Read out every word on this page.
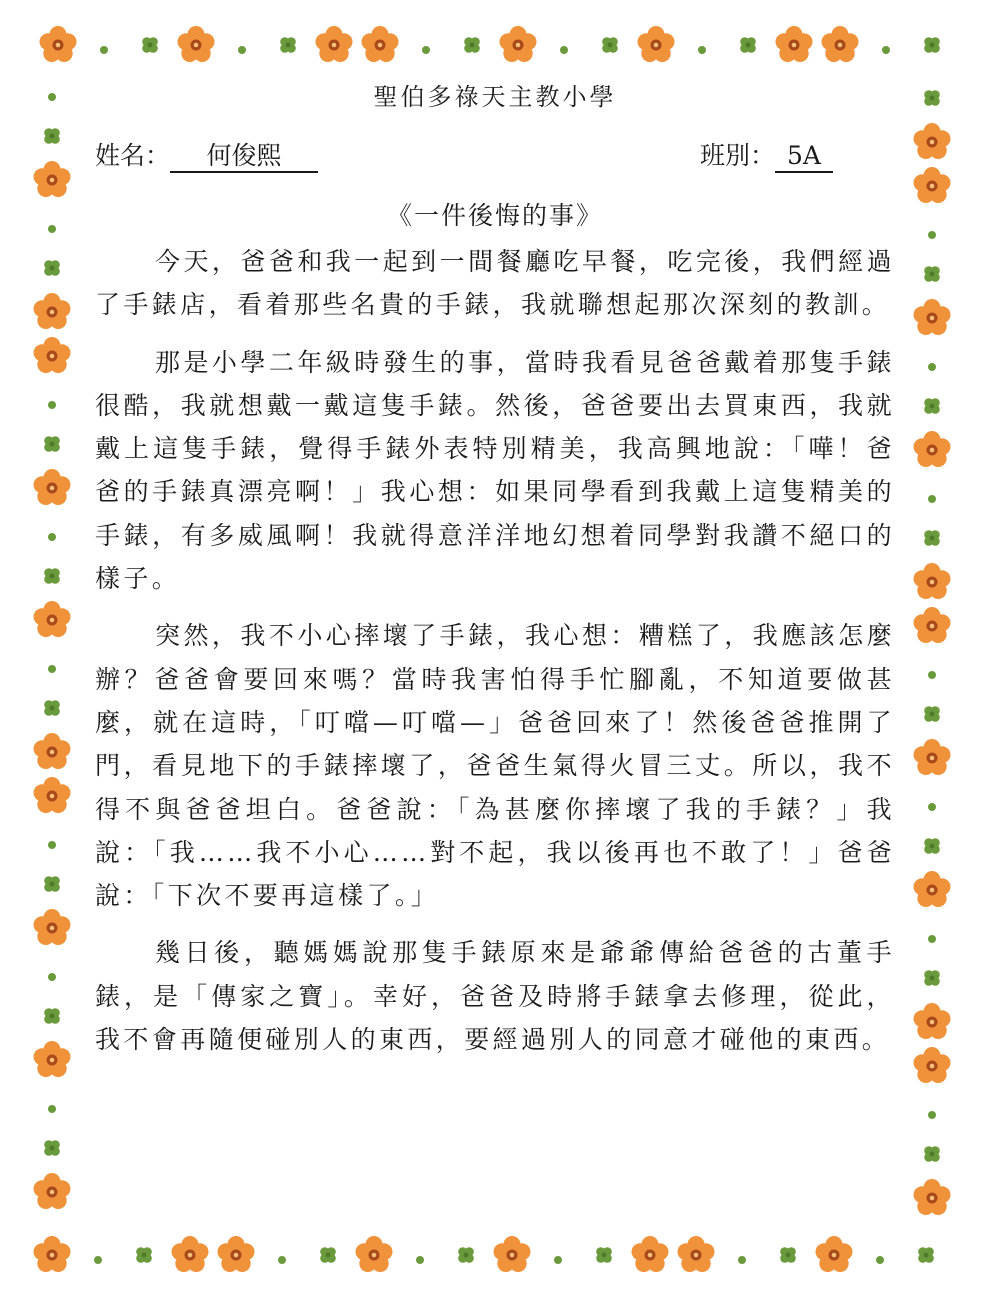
聖伯多祿天主教小學
姓名： 何俊熙	班別： 5A
《一件後悔的事》

今天，爸爸和我一起到一間餐廳吃早餐，吃完後，我們經過了手錶店，看着那些名貴的手錶，我就聯想起那次深刻的教訓。

那是小學二年級時發生的事，當時我看見爸爸戴着那隻手錶很酷，我就想戴一戴這隻手錶。然後，爸爸要出去買東西，我就戴上這隻手錶，覺得手錶外表特別精美，我高興地說：「嘩！爸爸的手錶真漂亮啊！」我心想：如果同學看到我戴上這隻精美的手錶，有多威風啊！我就得意洋洋地幻想着同學對我讚不絕口的樣子。

突然，我不小心摔壞了手錶，我心想：糟糕了，我應該怎麼辦？爸爸會要回來嗎？當時我害怕得手忙腳亂，不知道要做甚麼，就在這時，「叮噹—叮噹—」爸爸回來了！然後爸爸推開了門，看見地下的手錶摔壞了，爸爸生氣得火冒三丈。所以，我不得不與爸爸坦白。爸爸說：「為甚麼你摔壞了我的手錶？」我說：「我……我不小心……對不起，我以後再也不敢了！」爸爸說：「下次不要再這樣了。」

幾日後，聽媽媽說那隻手錶原來是爺爺傳給爸爸的古董手錶，是「傳家之寶」。幸好，爸爸及時將手錶拿去修理，從此，我不會再隨便碰別人的東西，要經過別人的同意才碰他的東西。
